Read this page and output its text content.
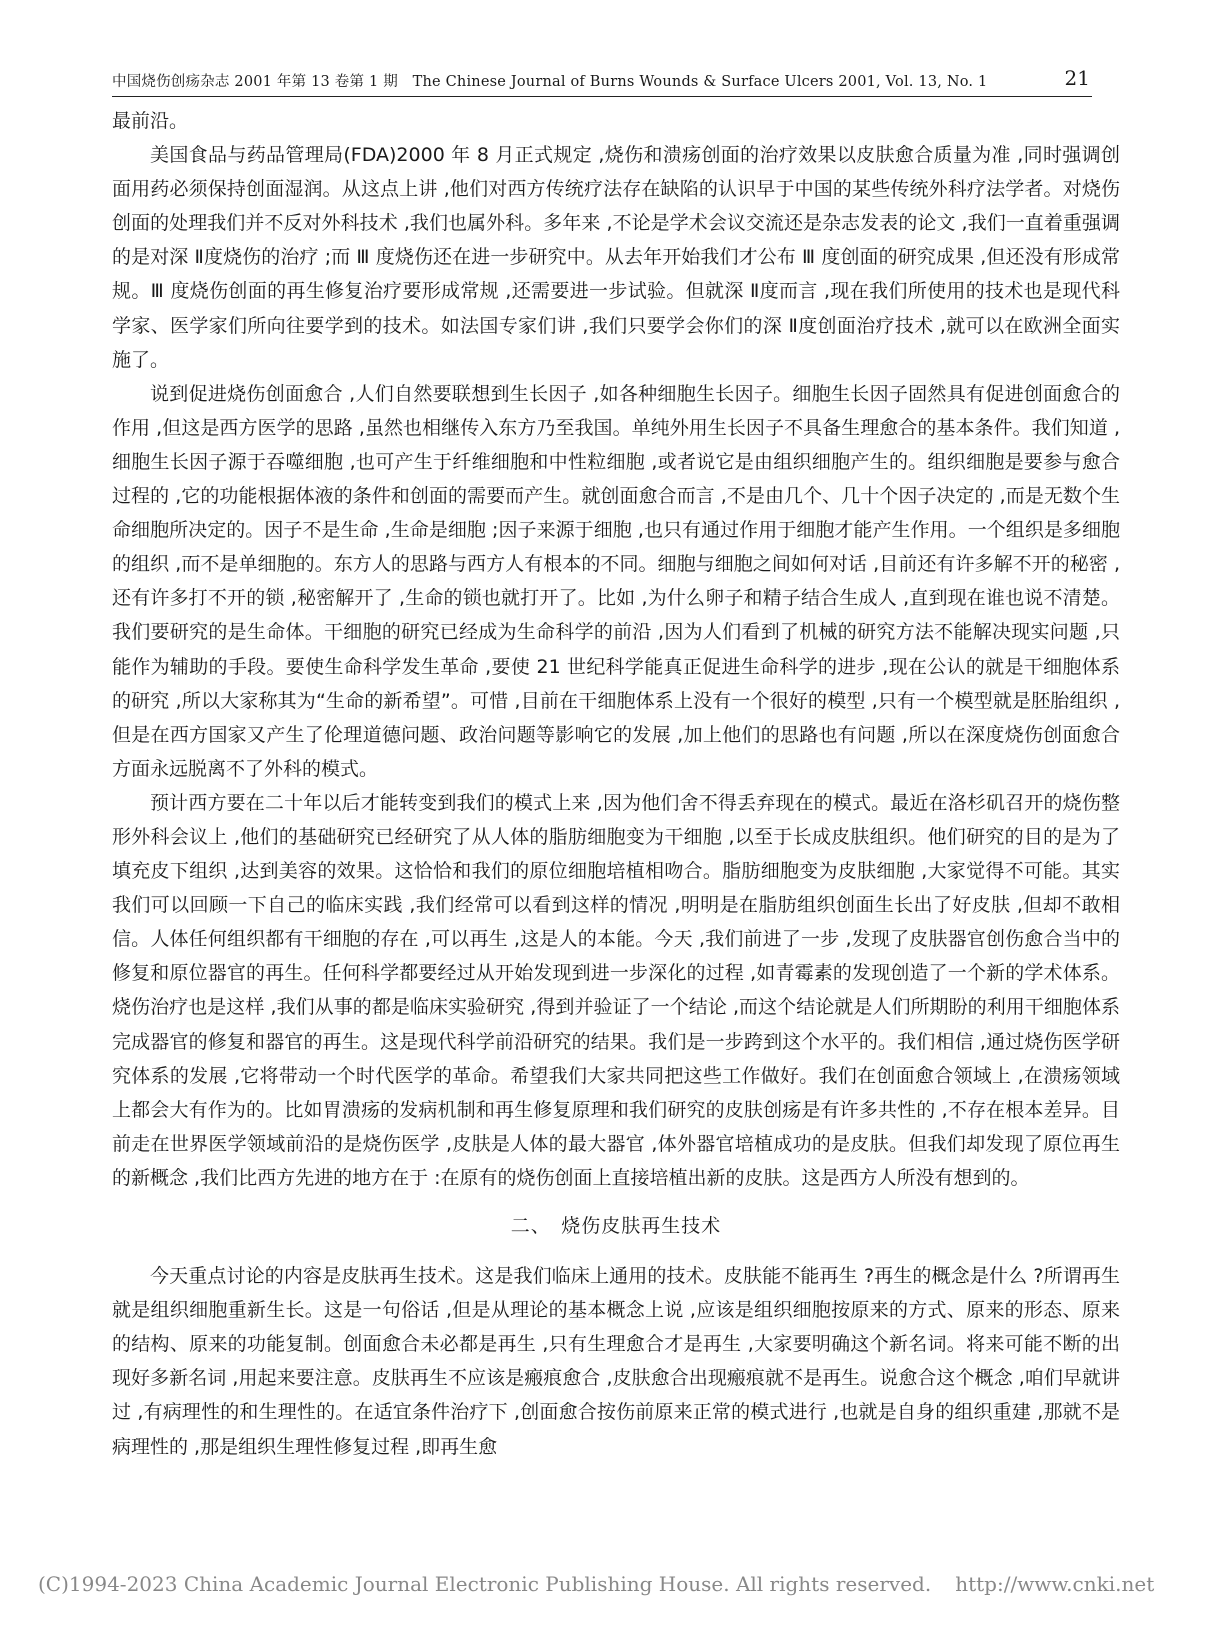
中国烧伤创疡杂志 2001 年第 13 卷第 1 期　The Chinese Journal of Burns Wounds & Surface Ulcers 2001, Vol. 13, No. 1	21

最前沿。

美国食品与药品管理局(FDA)2000 年 8 月正式规定 ,烧伤和溃疡创面的治疗效果以皮肤愈合质量为准 ,同时强调创面用药必须保持创面湿润。从这点上讲 ,他们对西方传统疗法存在缺陷的认识早于中国的某些传统外科疗法学者。对烧伤创面的处理我们并不反对外科技术 ,我们也属外科。多年来 ,不论是学术会议交流还是杂志发表的论文 ,我们一直着重强调的是对深 Ⅱ度烧伤的治疗 ;而 Ⅲ 度烧伤还在进一步研究中。从去年开始我们才公布 Ⅲ 度创面的研究成果 ,但还没有形成常规。Ⅲ 度烧伤创面的再生修复治疗要形成常规 ,还需要进一步试验。但就深 Ⅱ度而言 ,现在我们所使用的技术也是现代科学家、医学家们所向往要学到的技术。如法国专家们讲 ,我们只要学会你们的深 Ⅱ度创面治疗技术 ,就可以在欧洲全面实施了。

说到促进烧伤创面愈合 ,人们自然要联想到生长因子 ,如各种细胞生长因子。细胞生长因子固然具有促进创面愈合的作用 ,但这是西方医学的思路 ,虽然也相继传入东方乃至我国。单纯外用生长因子不具备生理愈合的基本条件。我们知道 ,细胞生长因子源于吞噬细胞 ,也可产生于纤维细胞和中性粒细胞 ,或者说它是由组织细胞产生的。组织细胞是要参与愈合过程的 ,它的功能根据体液的条件和创面的需要而产生。就创面愈合而言 ,不是由几个、几十个因子决定的 ,而是无数个生命细胞所决定的。因子不是生命 ,生命是细胞 ;因子来源于细胞 ,也只有通过作用于细胞才能产生作用。一个组织是多细胞的组织 ,而不是单细胞的。东方人的思路与西方人有根本的不同。细胞与细胞之间如何对话 ,目前还有许多解不开的秘密 ,还有许多打不开的锁 ,秘密解开了 ,生命的锁也就打开了。比如 ,为什么卵子和精子结合生成人 ,直到现在谁也说不清楚。我们要研究的是生命体。干细胞的研究已经成为生命科学的前沿 ,因为人们看到了机械的研究方法不能解决现实问题 ,只能作为辅助的手段。要使生命科学发生革命 ,要使 21 世纪科学能真正促进生命科学的进步 ,现在公认的就是干细胞体系的研究 ,所以大家称其为“生命的新希望”。可惜 ,目前在干细胞体系上没有一个很好的模型 ,只有一个模型就是胚胎组织 ,但是在西方国家又产生了伦理道德问题、政治问题等影响它的发展 ,加上他们的思路也有问题 ,所以在深度烧伤创面愈合方面永远脱离不了外科的模式。

预计西方要在二十年以后才能转变到我们的模式上来 ,因为他们舍不得丢弃现在的模式。最近在洛杉矶召开的烧伤整形外科会议上 ,他们的基础研究已经研究了从人体的脂肪细胞变为干细胞 ,以至于长成皮肤组织。他们研究的目的是为了填充皮下组织 ,达到美容的效果。这恰恰和我们的原位细胞培植相吻合。脂肪细胞变为皮肤细胞 ,大家觉得不可能。其实我们可以回顾一下自己的临床实践 ,我们经常可以看到这样的情况 ,明明是在脂肪组织创面生长出了好皮肤 ,但却不敢相信。人体任何组织都有干细胞的存在 ,可以再生 ,这是人的本能。今天 ,我们前进了一步 ,发现了皮肤器官创伤愈合当中的修复和原位器官的再生。任何科学都要经过从开始发现到进一步深化的过程 ,如青霉素的发现创造了一个新的学术体系。烧伤治疗也是这样 ,我们从事的都是临床实验研究 ,得到并验证了一个结论 ,而这个结论就是人们所期盼的利用干细胞体系完成器官的修复和器官的再生。这是现代科学前沿研究的结果。我们是一步跨到这个水平的。我们相信 ,通过烧伤医学研究体系的发展 ,它将带动一个时代医学的革命。希望我们大家共同把这些工作做好。我们在创面愈合领域上 ,在溃疡领域上都会大有作为的。比如胃溃疡的发病机制和再生修复原理和我们研究的皮肤创疡是有许多共性的 ,不存在根本差异。目前走在世界医学领域前沿的是烧伤医学 ,皮肤是人体的最大器官 ,体外器官培植成功的是皮肤。但我们却发现了原位再生的新概念 ,我们比西方先进的地方在于 :在原有的烧伤创面上直接培植出新的皮肤。这是西方人所没有想到的。

二、　烧伤皮肤再生技术

今天重点讨论的内容是皮肤再生技术。这是我们临床上通用的技术。皮肤能不能再生 ?再生的概念是什么 ?所谓再生就是组织细胞重新生长。这是一句俗话 ,但是从理论的基本概念上说 ,应该是组织细胞按原来的方式、原来的形态、原来的结构、原来的功能复制。创面愈合未必都是再生 ,只有生理愈合才是再生 ,大家要明确这个新名词。将来可能不断的出现好多新名词 ,用起来要注意。皮肤再生不应该是瘢痕愈合 ,皮肤愈合出现瘢痕就不是再生。说愈合这个概念 ,咱们早就讲过 ,有病理性的和生理性的。在适宜条件治疗下 ,创面愈合按伤前原来正常的模式进行 ,也就是自身的组织重建 ,那就不是病理性的 ,那是组织生理性修复过程 ,即再生愈

(C)1994-2023 China Academic Journal Electronic Publishing House. All rights reserved. http://www.cnki.net
